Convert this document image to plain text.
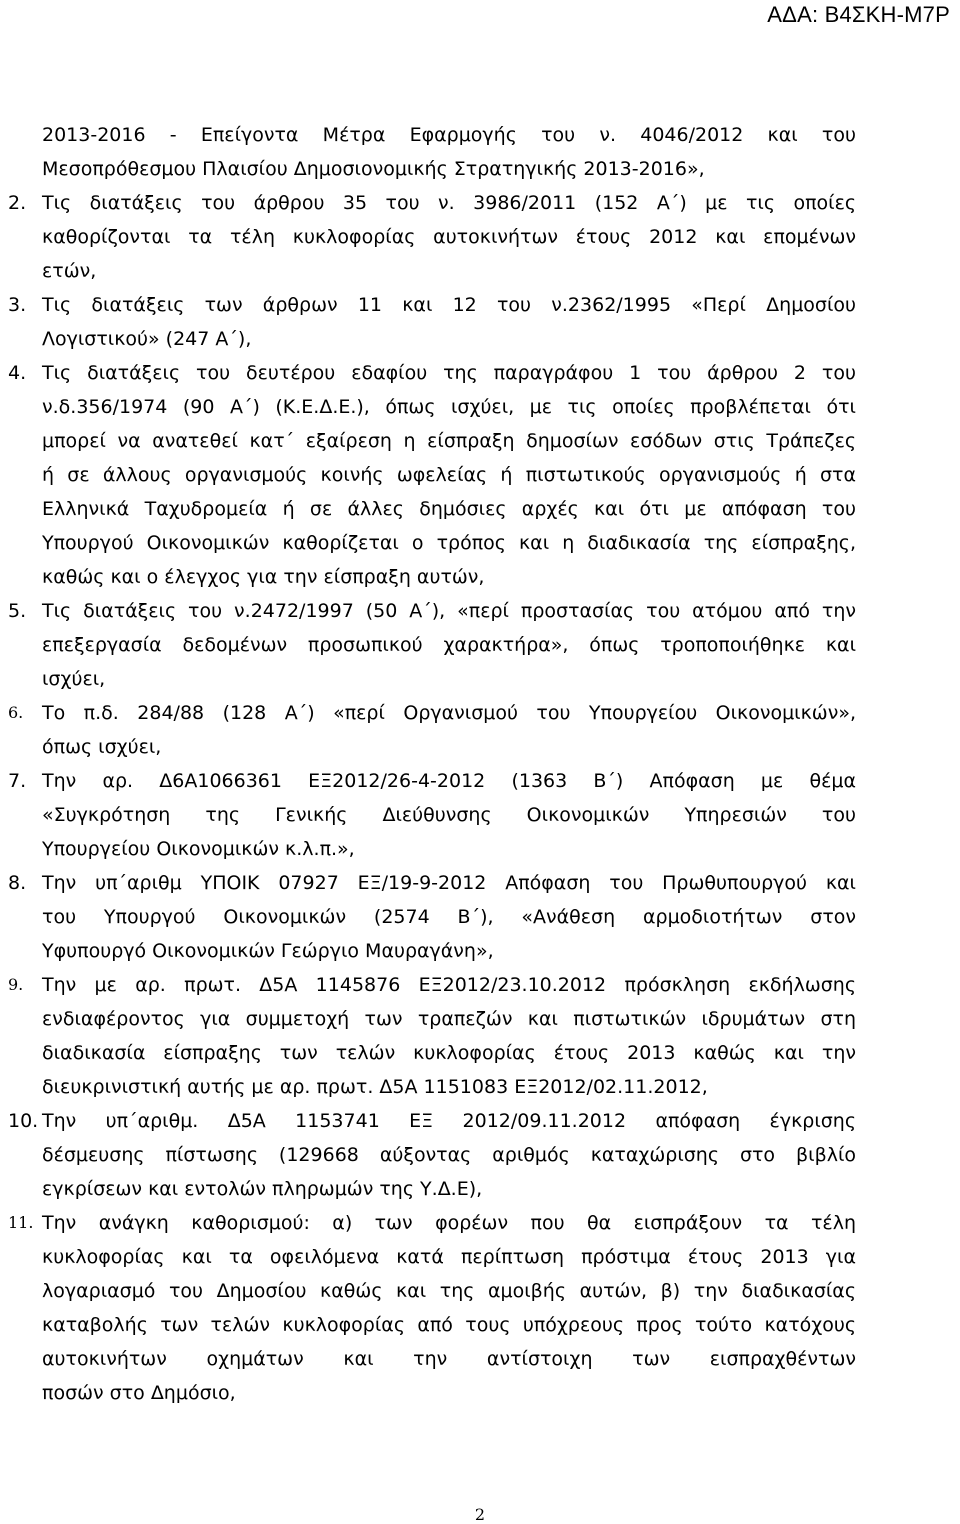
ΑΔΑ: Β4ΣΚΗ-Μ7Ρ
2013-2016 - Επείγοντα Μέτρα Εφαρμογής του ν. 4046/2012 και του
Μεσοπρόθεσμου Πλαισίου Δημοσιονομικής Στρατηγικής 2013-2016»,
2. Τις διατάξεις του άρθρου 35 του ν. 3986/2011 (152 Α΄) με τις οποίες
καθορίζονται τα τέλη κυκλοφορίας αυτοκινήτων έτους 2012 και επομένων
ετών,
3. Τις διατάξεις των άρθρων 11 και 12 του ν.2362/1995 «Περί Δημοσίου
Λογιστικού» (247 Α΄),
4. Τις διατάξεις του δευτέρου εδαφίου της παραγράφου 1 του άρθρου 2 του
ν.δ.356/1974 (90 Α΄) (Κ.Ε.Δ.Ε.), όπως ισχύει, με τις οποίες προβλέπεται ότι
μπορεί να ανατεθεί κατ΄ εξαίρεση η είσπραξη δημοσίων εσόδων στις Τράπεζες
ή σε άλλους οργανισμούς κοινής ωφελείας ή πιστωτικούς οργανισμούς ή στα
Ελληνικά Ταχυδρομεία ή σε άλλες δημόσιες αρχές και ότι με απόφαση του
Υπουργού Οικονομικών καθορίζεται ο τρόπος και η διαδικασία της είσπραξης,
καθώς και ο έλεγχος για την είσπραξη αυτών,
5. Τις διατάξεις του ν.2472/1997 (50 Α΄), «περί προστασίας του ατόμου από την
επεξεργασία δεδομένων προσωπικού χαρακτήρα», όπως τροποποιήθηκε και
ισχύει,
6. Το π.δ. 284/88 (128 Α΄) «περί Οργανισμού του Υπουργείου Οικονομικών»,
όπως ισχύει,
7. Την αρ. Δ6Α1066361 ΕΞ2012/26-4-2012 (1363 Β΄) Απόφαση με θέμα
«Συγκρότηση της Γενικής Διεύθυνσης Οικονομικών Υπηρεσιών του
Υπουργείου Οικονομικών κ.λ.π.»,
8. Την υπ΄αριθμ ΥΠΟΙΚ 07927 ΕΞ/19-9-2012 Απόφαση του Πρωθυπουργού και
του Υπουργού Οικονομικών (2574 Β΄), «Ανάθεση αρμοδιοτήτων στον
Υφυπουργό Οικονομικών Γεώργιο Μαυραγάνη»,
9. Την με αρ. πρωτ. Δ5Α 1145876 ΕΞ2012/23.10.2012 πρόσκληση εκδήλωσης
ενδιαφέροντος για συμμετοχή των τραπεζών και πιστωτικών ιδρυμάτων στη
διαδικασία είσπραξης των τελών κυκλοφορίας έτους 2013 καθώς και την
διευκρινιστική αυτής με αρ. πρωτ. Δ5Α 1151083 ΕΞ2012/02.11.2012,
10. Την υπ΄αριθμ. Δ5Α 1153741 ΕΞ 2012/09.11.2012 απόφαση έγκρισης
δέσμευσης πίστωσης (129668 αύξοντας αριθμός καταχώρισης στο βιβλίο
εγκρίσεων και εντολών πληρωμών της Υ.Δ.Ε),
11. Την ανάγκη καθορισμού: α) των φορέων που θα εισπράξουν τα τέλη
κυκλοφορίας και τα οφειλόμενα κατά περίπτωση πρόστιμα έτους 2013 για
λογαριασμό του Δημοσίου καθώς και της αμοιβής αυτών, β) την διαδικασίας
καταβολής των τελών κυκλοφορίας από τους υπόχρεους προς τούτο κατόχους
αυτοκινήτων οχημάτων και την αντίστοιχη των εισπραχθέντων
ποσών στο Δημόσιο,
2
